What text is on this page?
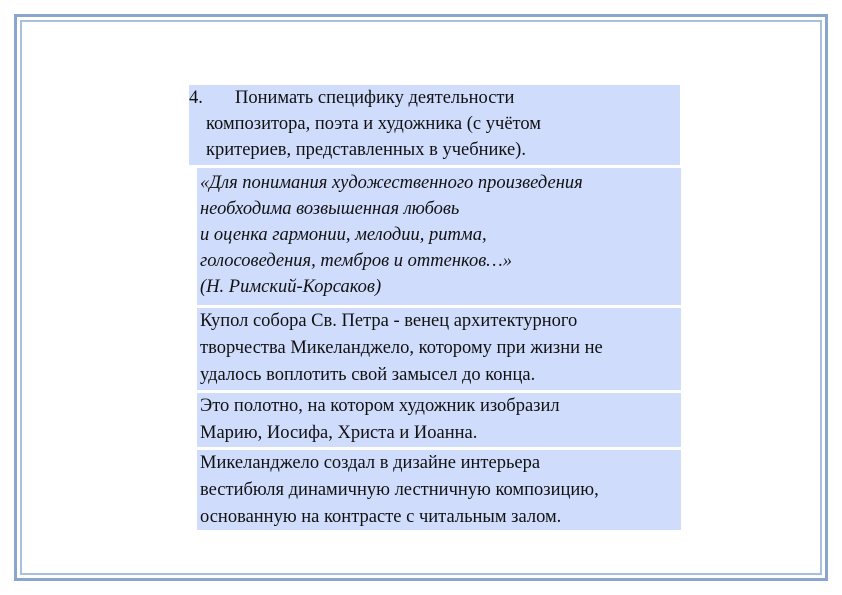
4.	Понимать специфику деятельности
композитора, поэта и художника (с учётом
критериев, представленных в учебнике).
«Для понимания художественного произведения
необходима возвышенная любовь
и оценка гармонии, мелодии, ритма,
голосоведения, тембров и оттенков…»
(Н. Римский-Корсаков)
Купол собора Св. Петра - венец архитектурного
творчества Микеланджело, которому при жизни не
удалось воплотить свой замысел до конца.
Это полотно, на котором художник изобразил
Марию, Иосифа, Христа и Иоанна.
Микеланджело создал в дизайне интерьера
вестибюля динамичную лестничную композицию,
основанную на контрасте с читальным залом.
